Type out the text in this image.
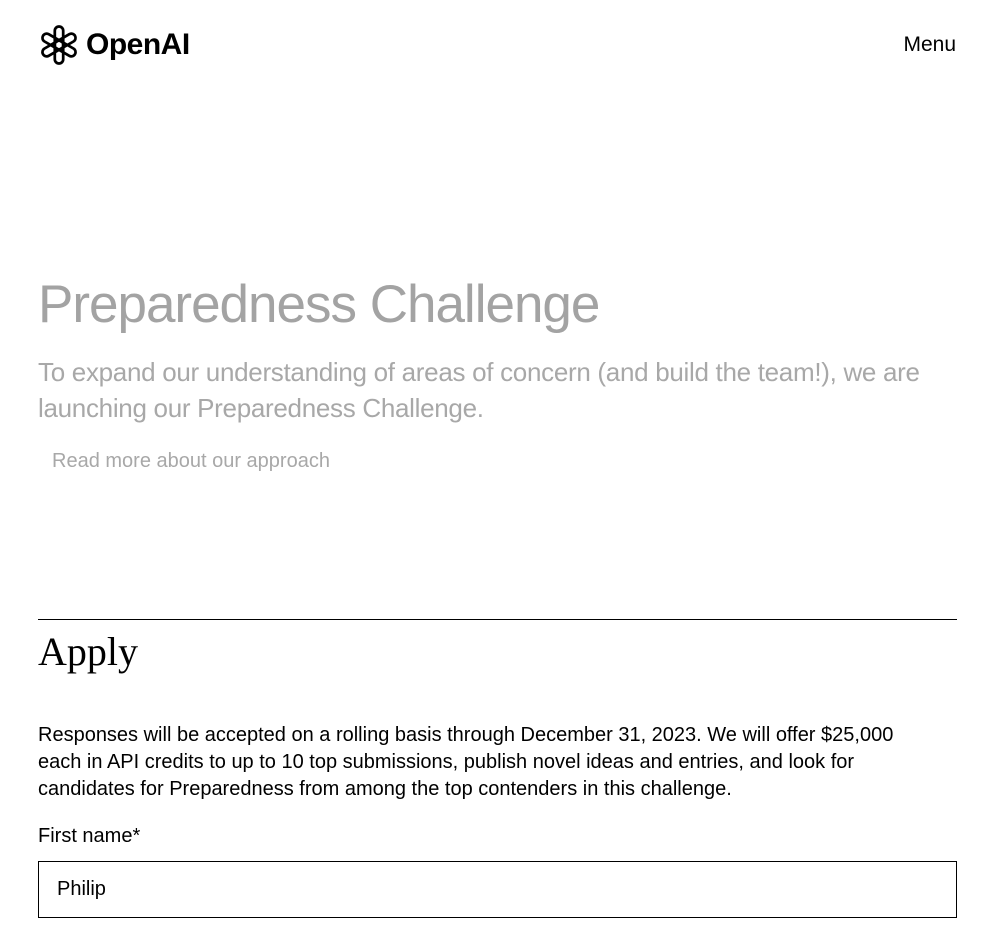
OpenAI	Menu
Preparedness Challenge

To expand our understanding of areas of concern (and build the team!), we are launching our Preparedness Challenge.

Read more about our approach
Apply

Responses will be accepted on a rolling basis through December 31, 2023. We will offer $25,000 each in API credits to up to 10 top submissions, publish novel ideas and entries, and look for candidates for Preparedness from among the top contenders in this challenge.

First name*
Philip
